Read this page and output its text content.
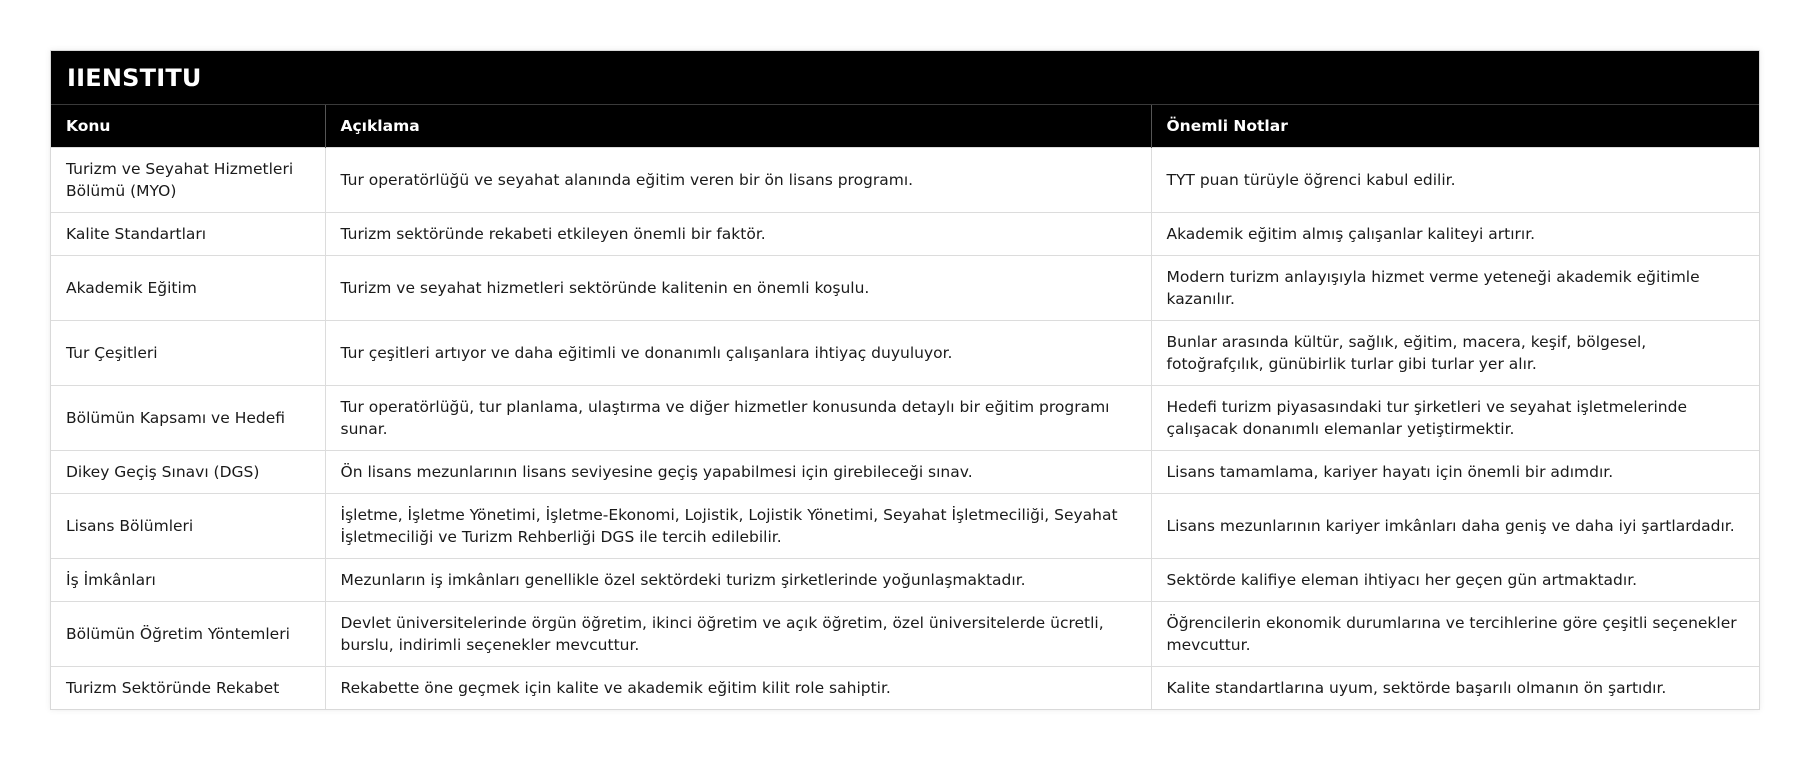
IIENSTITU
Konu	Açıklama	Önemli Notlar
Turizm ve Seyahat Hizmetleri Bölümü (MYO)	Tur operatörlüğü ve seyahat alanında eğitim veren bir ön lisans programı.	TYT puan türüyle öğrenci kabul edilir.
Kalite Standartları	Turizm sektöründe rekabeti etkileyen önemli bir faktör.	Akademik eğitim almış çalışanlar kaliteyi artırır.
Akademik Eğitim	Turizm ve seyahat hizmetleri sektöründe kalitenin en önemli koşulu.	Modern turizm anlayışıyla hizmet verme yeteneği akademik eğitimle kazanılır.
Tur Çeşitleri	Tur çeşitleri artıyor ve daha eğitimli ve donanımlı çalışanlara ihtiyaç duyuluyor.	Bunlar arasında kültür, sağlık, eğitim, macera, keşif, bölgesel, fotoğrafçılık, günübirlik turlar gibi turlar yer alır.
Bölümün Kapsamı ve Hedefi	Tur operatörlüğü, tur planlama, ulaştırma ve diğer hizmetler konusunda detaylı bir eğitim programı sunar.	Hedefi turizm piyasasındaki tur şirketleri ve seyahat işletmelerinde çalışacak donanımlı elemanlar yetiştirmektir.
Dikey Geçiş Sınavı (DGS)	Ön lisans mezunlarının lisans seviyesine geçiş yapabilmesi için girebileceği sınav.	Lisans tamamlama, kariyer hayatı için önemli bir adımdır.
Lisans Bölümleri	İşletme, İşletme Yönetimi, İşletme-Ekonomi, Lojistik, Lojistik Yönetimi, Seyahat İşletmeciliği, Seyahat İşletmeciliği ve Turizm Rehberliği DGS ile tercih edilebilir.	Lisans mezunlarının kariyer imkânları daha geniş ve daha iyi şartlardadır.
İş İmkânları	Mezunların iş imkânları genellikle özel sektördeki turizm şirketlerinde yoğunlaşmaktadır.	Sektörde kalifiye eleman ihtiyacı her geçen gün artmaktadır.
Bölümün Öğretim Yöntemleri	Devlet üniversitelerinde örgün öğretim, ikinci öğretim ve açık öğretim, özel üniversitelerde ücretli, burslu, indirimli seçenekler mevcuttur.	Öğrencilerin ekonomik durumlarına ve tercihlerine göre çeşitli seçenekler mevcuttur.
Turizm Sektöründe Rekabet	Rekabette öne geçmek için kalite ve akademik eğitim kilit role sahiptir.	Kalite standartlarına uyum, sektörde başarılı olmanın ön şartıdır.
